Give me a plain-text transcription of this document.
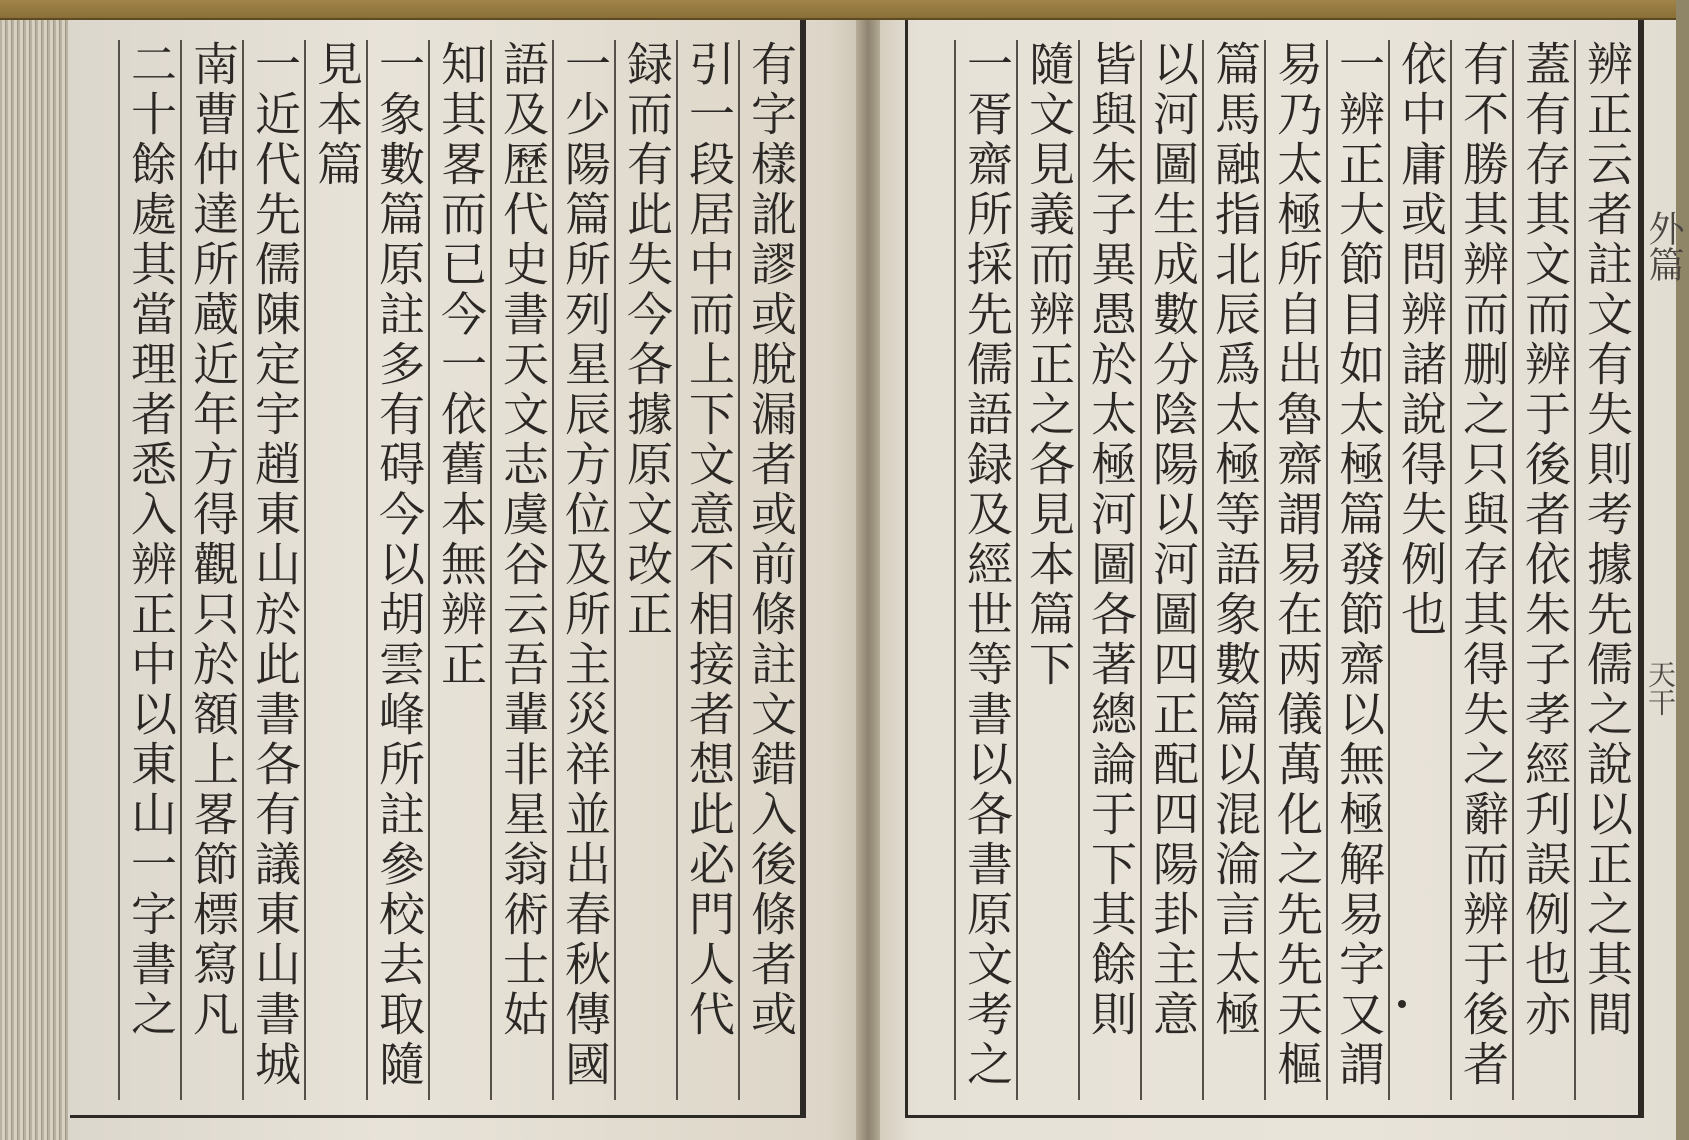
有字樣訛謬或脫漏者或前條註文錯入後條者或
引一段居中而上下文意不相接者想此必門人代
録而有此失今各據原文改正
一少陽篇所列星辰方位及所主災祥並出春秋傳國
語及歷代史書天文志虞谷云吾輩非星翁術士姑
知其畧而已今一依舊本無辨正
一象數篇原註多有碍今以胡雲峰所註參校去取隨
見本篇
一近代先儒陳定宇趙東山於此書各有議東山書城
南曹仲達所蔵近年方得觀只於額上畧節標寫凡
二十餘處其當理者悉入辨正中以東山一字書之	辨正云者註文有失則考據先儒之說以正之其間
蓋有存其文而辨于後者依朱子孝經刋誤例也亦
有不勝其辨而删之只與存其得失之辭而辨于後者
依中庸或問辨諸說得失例也
一辨正大節目如太極篇發節齋以無極解易字又謂
易乃太極所自出魯齋謂易在两儀萬化之先先天樞
篇馬融指北辰爲太極等語象數篇以混淪言太極
以河圖生成數分陰陽以河圖四正配四陽卦主意
皆與朱子異愚於太極河圖各著總論于下其餘則
隨文見義而辨正之各見本篇下
一胥齋所採先儒語録及經世等書以各書原文考之	外篇
天干
